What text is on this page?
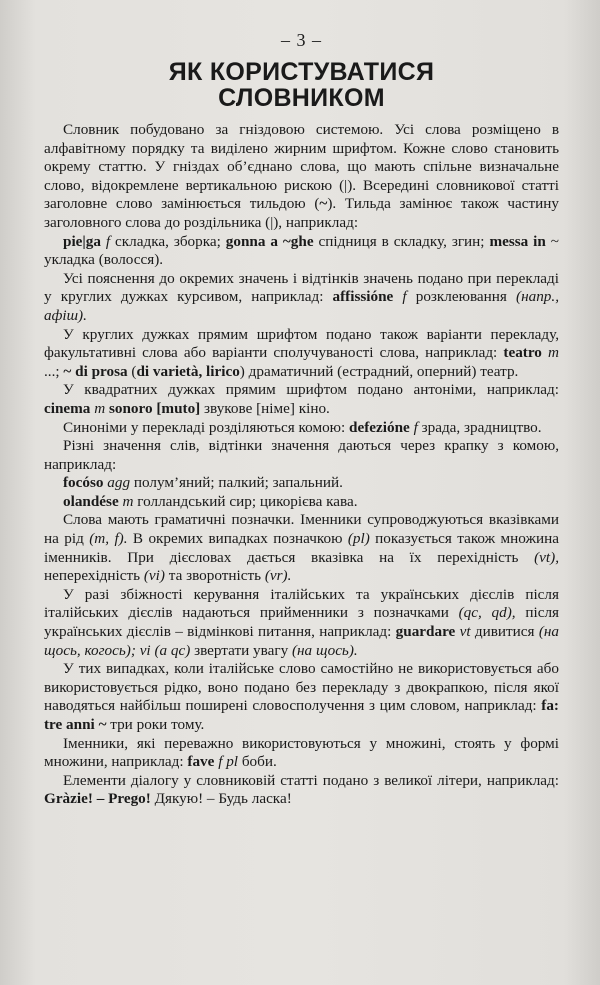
– 3 –
ЯК КОРИСТУВАТИСЯ
СЛОВНИКОМ

Словник побудовано за гніздовою системою. Усі слова розміщено в алфавітному порядку та виділено жирним шрифтом. Кожне слово становить окрему статтю. У гніздах об’єднано слова, що мають спільне визначальне слово, відокремлене вертикальною рискою (|). Всередині словникової статті заголовне слово замінюється тильдою (~). Тильда замінює також частину заголовного слова до роздільника (|), наприклад:

pie|ga f складка, зборка; gonna a ~ghe спідниця в складку, згин; messa in ~ укладка (волосся).

Усі пояснення до окремих значень і відтінків значень подано при перекладі у круглих дужках курсивом, наприклад: affissióne f розклеювання (напр., афіш).

У круглих дужках прямим шрифтом подано також варіанти перекладу, факультативні слова або варіанти сполучуваності слова, наприклад: teatro m ...; ~ di prosa (di varietà, lirico) драматичний (естрадний, оперний) театр.

У квадратних дужках прямим шрифтом подано антоніми, наприклад: cinema m sonoro [muto] звукове [німе] кіно.

Синоніми у перекладі розділяються комою: defezióne f зрада, зрадництво.

Різні значення слів, відтінки значення даються через крапку з комою, наприклад:

focóso agg полум’яний; палкий; запальний.

olandése m голландський сир; цикорієва кава.

Слова мають граматичні позначки. Іменники супроводжуються вказівками на рід (m, f). В окремих випадках позначкою (pl) показується також множина іменників. При дієсловах дається вказівка на їх перехідність (vt), неперехідність (vi) та зворотність (vr).

У разі збіжності керування італійських та українських дієслів після італійських дієслів надаються прийменники з позначками (qc, qd), після українських дієслів – відмінкові питання, наприклад: guardare vt дивитися (на щось, когось); vi (a qc) звертати увагу (на щось).

У тих випадках, коли італійське слово самостійно не використовується або використовується рідко, воно подано без перекладу з двокрапкою, після якої наводяться найбільш поширені словосполучення з цим словом, наприклад: fa: tre anni ~ три роки тому.

Іменники, які переважно використовуються у множині, стоять у формі множини, наприклад: fave f pl боби.

Елементи діалогу у словниковій статті подано з великої літери, наприклад: Gràzie! – Prego! Дякую! – Будь ласка!
